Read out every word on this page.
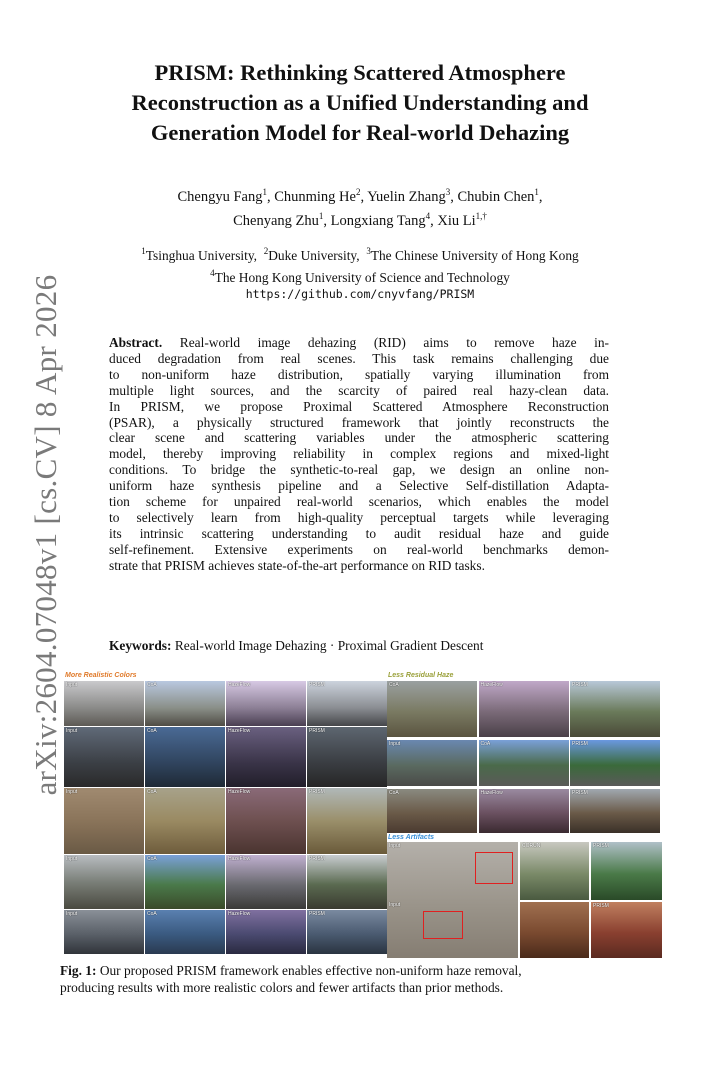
arXiv:2604.07048v1 [cs.CV] 8 Apr 2026
PRISM: Rethinking Scattered Atmosphere
Reconstruction as a Unified Understanding and
Generation Model for Real-world Dehazing
Chengyu Fang$^1$, Chunming He$^2$, Yuelin Zhang$^3$, Chubin Chen$^1$,
Chenyang Zhu$^1$, Longxiang Tang$^4$, Xiu $Li^{1,\dagger}$
$^1$Tsinghua University, $^2$Duke University, $^3$The Chinese University of Hong Kong
$^4$The Hong Kong University of Science and Technology
https://github.com/cnyvfang/PRISM
Abstract. Real-world image dehazing (RID) aims to remove haze in-
duced degradation from real scenes. This task remains challenging due
to non-uniform haze distribution, spatially varying illumination from
multiple light sources, and the scarcity of paired real hazy-clean data.
In PRISM, we propose Proximal Scattered Atmosphere Reconstruction
(PSAR), a physically structured framework that jointly reconstructs the
clear scene and scattering variables under the atmospheric scattering
model, thereby improving reliability in complex regions and mixed-light
conditions. To bridge the synthetic-to-real gap, we design an online non-
uniform haze synthesis pipeline and a Selective Self-distillation Adapta-
tion scheme for unpaired real-world scenarios, which enables the model
to selectively learn from high-quality perceptual targets while leveraging
its intrinsic scattering understanding to audit residual haze and guide
self-refinement. Extensive experiments on real-world benchmarks demon-
strate that PRISM achieves state-of-the-art performance on RID tasks.
Keywords: Real-world Image Dehazing · Proximal Gradient Descent
More Realistic Colors	Less Residual Haze
Input	CoA	HazeFlow	PRISM
Input	CoA	HazeFlow	PRISM
Input	CoA	HazeFlow	PRISM
Input	CoA	HazeFlow	PRISM
Input	CoA	HazeFlow	PRISM
CoA	HazeFlow	PRISM
Input	CoA	PRISM
CoA	HazeFlow	PRISM
Less Artifacts
Input
Input
CORUN	PRISM
PRISM
Fig. 1: Our proposed PRISM framework enables effective non-uniform haze removal,
producing results with more realistic colors and fewer artifacts than prior methods.
